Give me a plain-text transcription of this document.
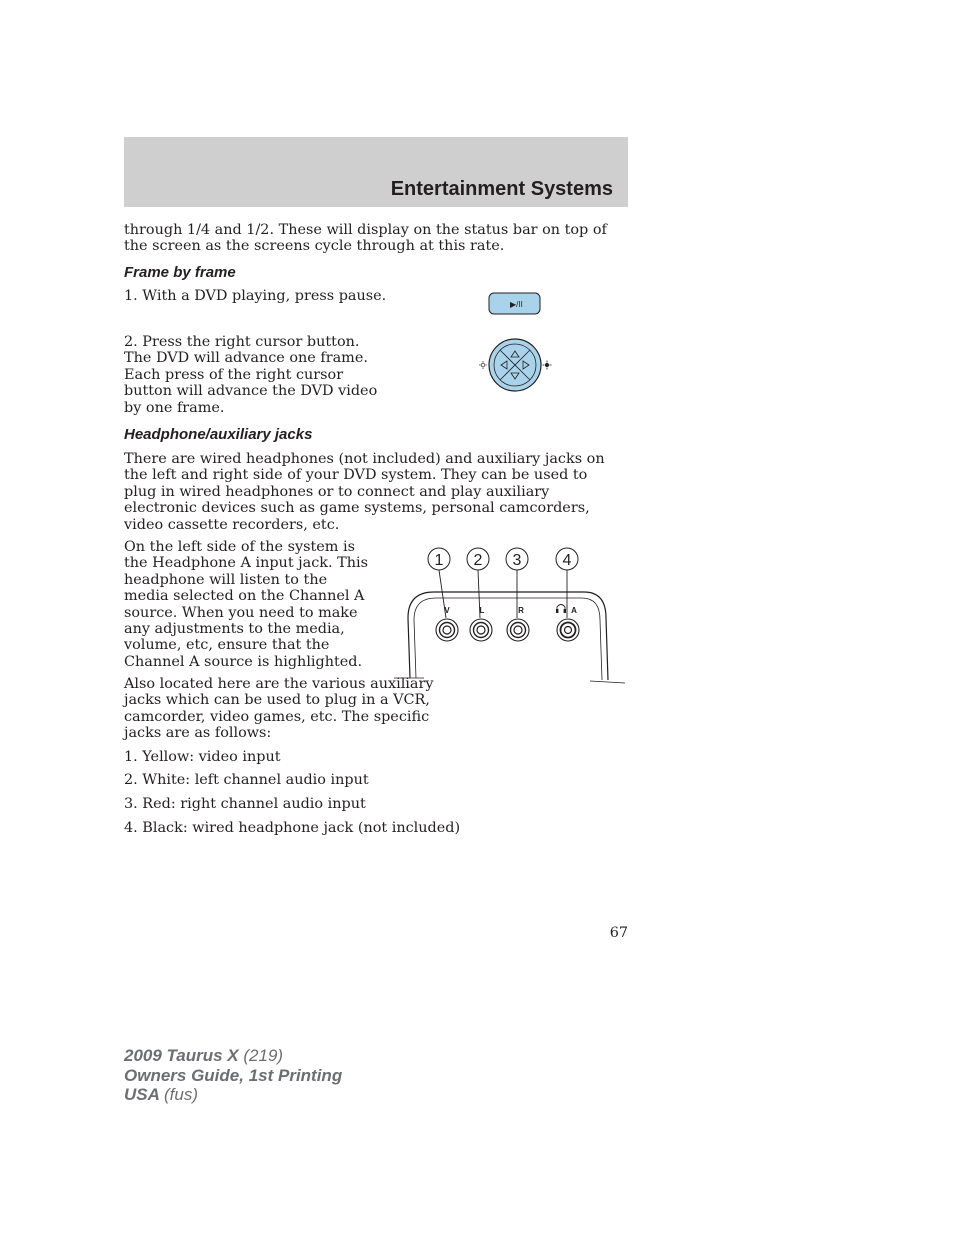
Entertainment Systems

through 1/4 and 1/2. These will display on the status bar on top of the screen as the screens cycle through at this rate.

Frame by frame

1. With a DVD playing, press pause.

▶/II

2. Press the right cursor button. The DVD will advance one frame. Each press of the right cursor button will advance the DVD video by one frame.

Headphone/auxiliary jacks

There are wired headphones (not included) and auxiliary jacks on the left and right side of your DVD system. They can be used to plug in wired headphones or to connect and play auxiliary electronic devices such as game systems, personal camcorders, video cassette recorders, etc.

On the left side of the system is the Headphone A input jack. This headphone will listen to the media selected on the Channel A source. When you need to make any adjustments to the media, volume, etc, ensure that the Channel A source is highlighted.

Also located here are the various auxiliary jacks which can be used to plug in a VCR, camcorder, video games, etc. The specific jacks are as follows:

1. Yellow: video input

2. White: left channel audio input

3. Red: right channel audio input

4. Black: wired headphone jack (not included)

1 2 3	4
V	L	R	A
67
2009 Taurus X (219)
Owners Guide, 1st Printing
USA (fus)
